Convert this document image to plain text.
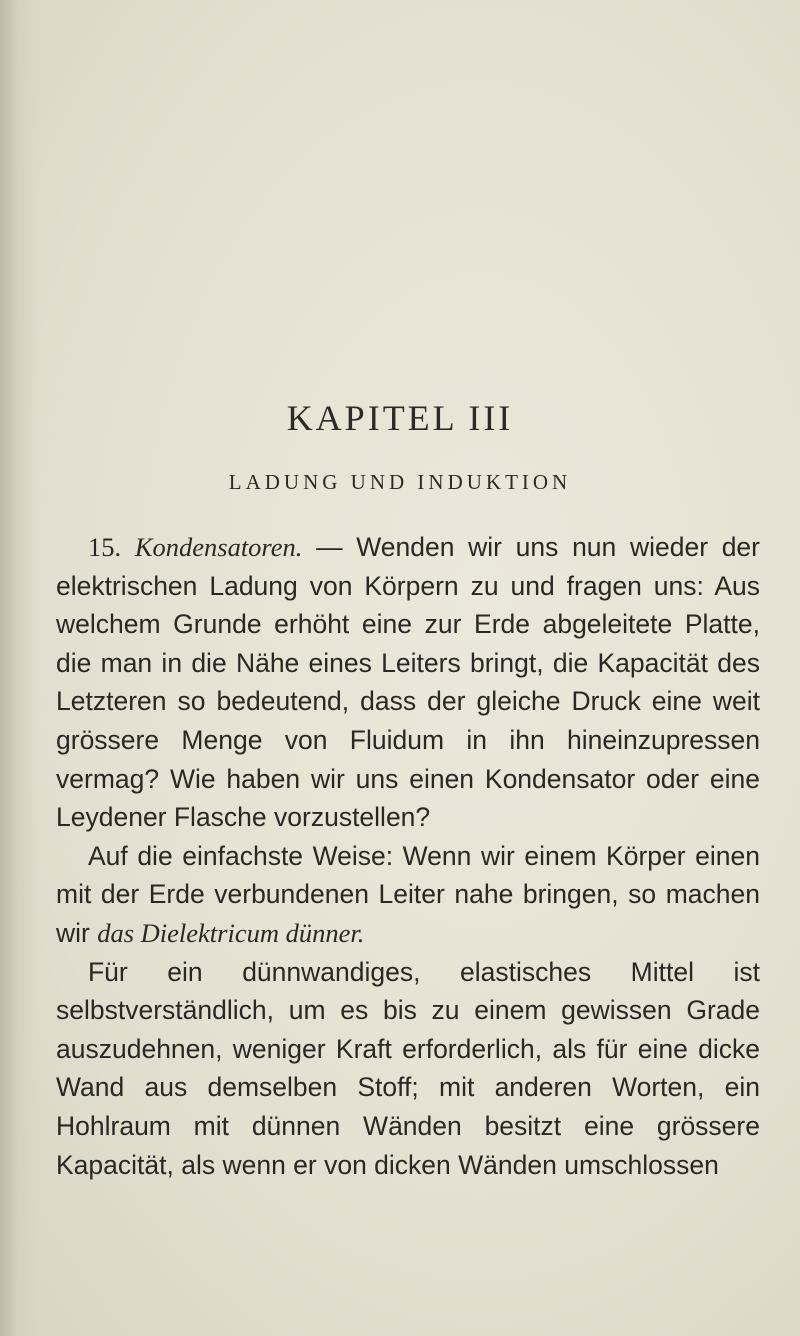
KAPITEL III
LADUNG UND INDUKTION

15. Kondensatoren. — Wenden wir uns nun wieder der elektrischen Ladung von Körpern zu und fragen uns: Aus welchem Grunde erhöht eine zur Erde abgeleitete Platte, die man in die Nähe eines Leiters bringt, die Kapacität des Letzteren so bedeutend, dass der gleiche Druck eine weit grössere Menge von Fluidum in ihn hineinzupressen vermag? Wie haben wir uns einen Kondensator oder eine Leydener Flasche vorzustellen?

Auf die einfachste Weise: Wenn wir einem Körper einen mit der Erde verbundenen Leiter nahe bringen, so machen wir das Dielektricum dünner.

Für ein dünnwandiges, elastisches Mittel ist selbstverständlich, um es bis zu einem gewissen Grade auszudehnen, weniger Kraft erforderlich, als für eine dicke Wand aus demselben Stoff; mit anderen Worten, ein Hohlraum mit dünnen Wänden besitzt eine grössere Kapacität, als wenn er von dicken Wänden umschlossen
